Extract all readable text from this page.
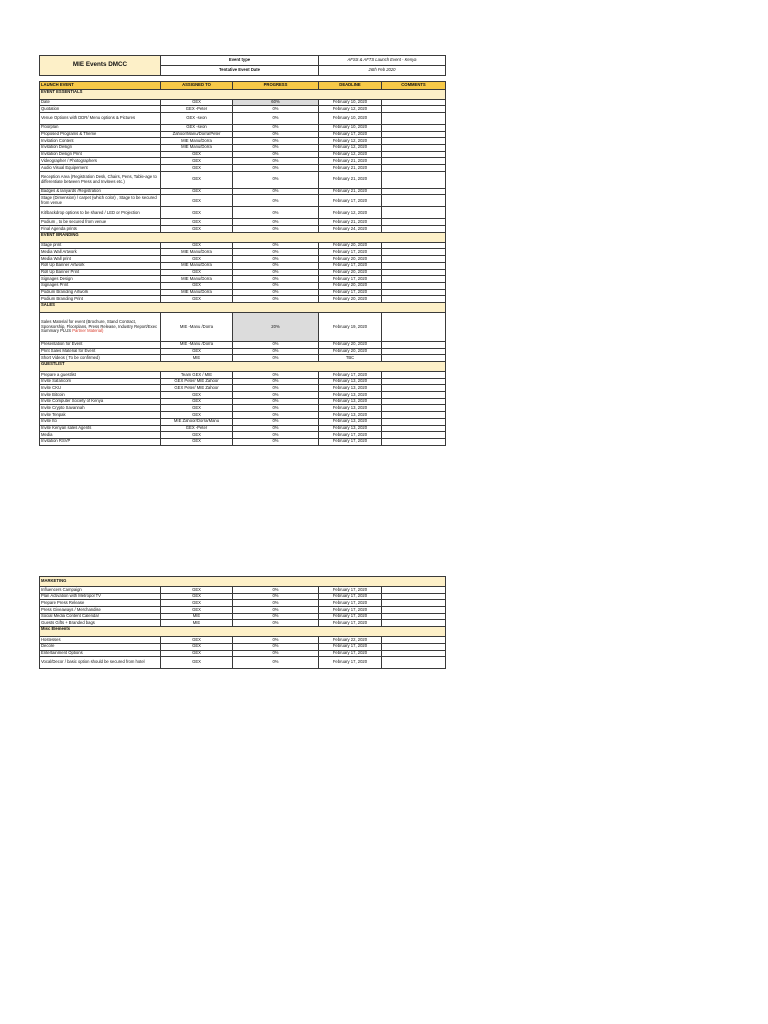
MIE Events DMCC	Event type		AFSS & AFTS Launch Event - Kenya	
	Tentative Event Date		26th Feb 2020	

LAUNCH EVENT	ASSIGNED TO	PROGRESS	DEADLINE	COMMENTS
EVENT ESSENTIALS				
Date	GEX	60%	February 10, 2020	
Quotation	GEX -Peter	0%	February 12, 2020	
Venue Options with DDR/ Menu options & Pictures	GEX -seon	0%	February 10, 2020	
Floorplan	GEX -seon	0%	February 10, 2020	
Proposed Programs & Theme	Zahoor/Manu/Dorra/Peter	0%	February 17, 2020	
Invitation Content	MIE Manu/Dorra	0%	February 12, 2020	
Invitation Design	MIE Manu/Dorra	0%	February 12, 2020	
Invitation Design Print	GEX	0%	February 12, 2020	
Videographer / Photographers	GEX	0%	February 21, 2020	
Audio Visual Equipement	GEX	0%	February 21, 2020	
Reception Area (Registration Desk, Chairs, Pens, Table-age to differentiate between Press and Invitees etc.)	GEX	0%	February 21, 2020	
Badges & lanyards /Registration	GEX	0%	February 21, 2020	
Stage (Dimension) / carpet (which color) , Stage to be secured from venue	GEX	0%	February 17, 2020	
Kit/backdrop options to be shared / LED or Projection	GEX	0%	February 12, 2020	
Podium , to be secured from venue	GEX	0%	February 21, 2020	
Final Agenda prints	GEX	0%	February 24, 2020	
EVENT BRANDING				
Stage print	GEX	0%	February 20, 2020	
Media Wall Artwork	MIE Manu/Dorra	0%	February 17, 2020	
Media Wall print	GEX	0%	February 20, 2020	
Roll Up Banner Artwork	MIE Manu/Dorra	0%	February 17, 2020	
Roll Up Banner Print	GEX	0%	February 20, 2020	
Signages Design	MIE Manu/Dorra	0%	February 17, 2020	
Signages Print	GEX	0%	February 20, 2020	
Podium Branding Artwork	MIE Manu/Dorra	0%	February 17, 2020	
Podium Branding Print	GEX	0%	February 20, 2020	
SALES				
Sales Material for event (Brochure, Stand Contract, Sponsorship, Floorplans, Press Release, Industry Report/Exec Summary PLUS Partner Material)	MIE -Manu /Dorra	20%	February 19, 2020	
Presentation for Event	MIE -Manu /Dorra	0%	February 20, 2020	
Print Sales Material for Event	GEX	0%	February 20, 2020	
Short Videos ( To be confirmed)	MIE	0%	TBC	
GUESTLIST				
Prepare a guestlist	Team GEX / MIE	0%	February 17, 2020	
Invite Safaricom	GEX Peter/ MIE Zahoor	0%	February 13, 2020	
Invite CKU	GEX Peter/ MIE Zahoor	0%	February 13, 2020	
Invite Bitcoin	GEX	0%	February 13, 2020	
Invite Computer Society of Kenya	GEX	0%	February 13, 2020	
Invite Crypto Savannah	GEX	0%	February 13, 2020	
Invite Tenpak	GEX	0%	February 13, 2020	
Invite Ito	MIE Zahoor/Dorra/Manu	0%	February 13, 2020	
Invite Kenyan sales Agents	GEX -Peter	0%	February 13, 2020	
Media	GEX	0%	February 17, 2020	
Invitation RSVP	GEX	0%	February 17, 2020	
MARKETING				
Influencers Campaign	GEX	0%	February 17, 2020	
Plan Activation with Metropol TV	GEX	0%	February 17, 2020	
Prepare Press Release	GEX	0%	February 17, 2020	
Press Giveaways / Merchandise	GEX	0%	February 17, 2020	
Social Media Content Calendar	MIE	0%	February 17, 2020	
Guests Gifts + Branded bags	MIE	0%	February 17, 2020	
Misc Elements				
Hostesses	GEX	0%	February 22, 2020	
Decore	GEX	0%	February 17, 2020	
Entertainment Options	GEX	0%	February 17, 2020	
Vocal/Decor / basic option should be secured from hotel	GEX	0%	February 17, 2020	
